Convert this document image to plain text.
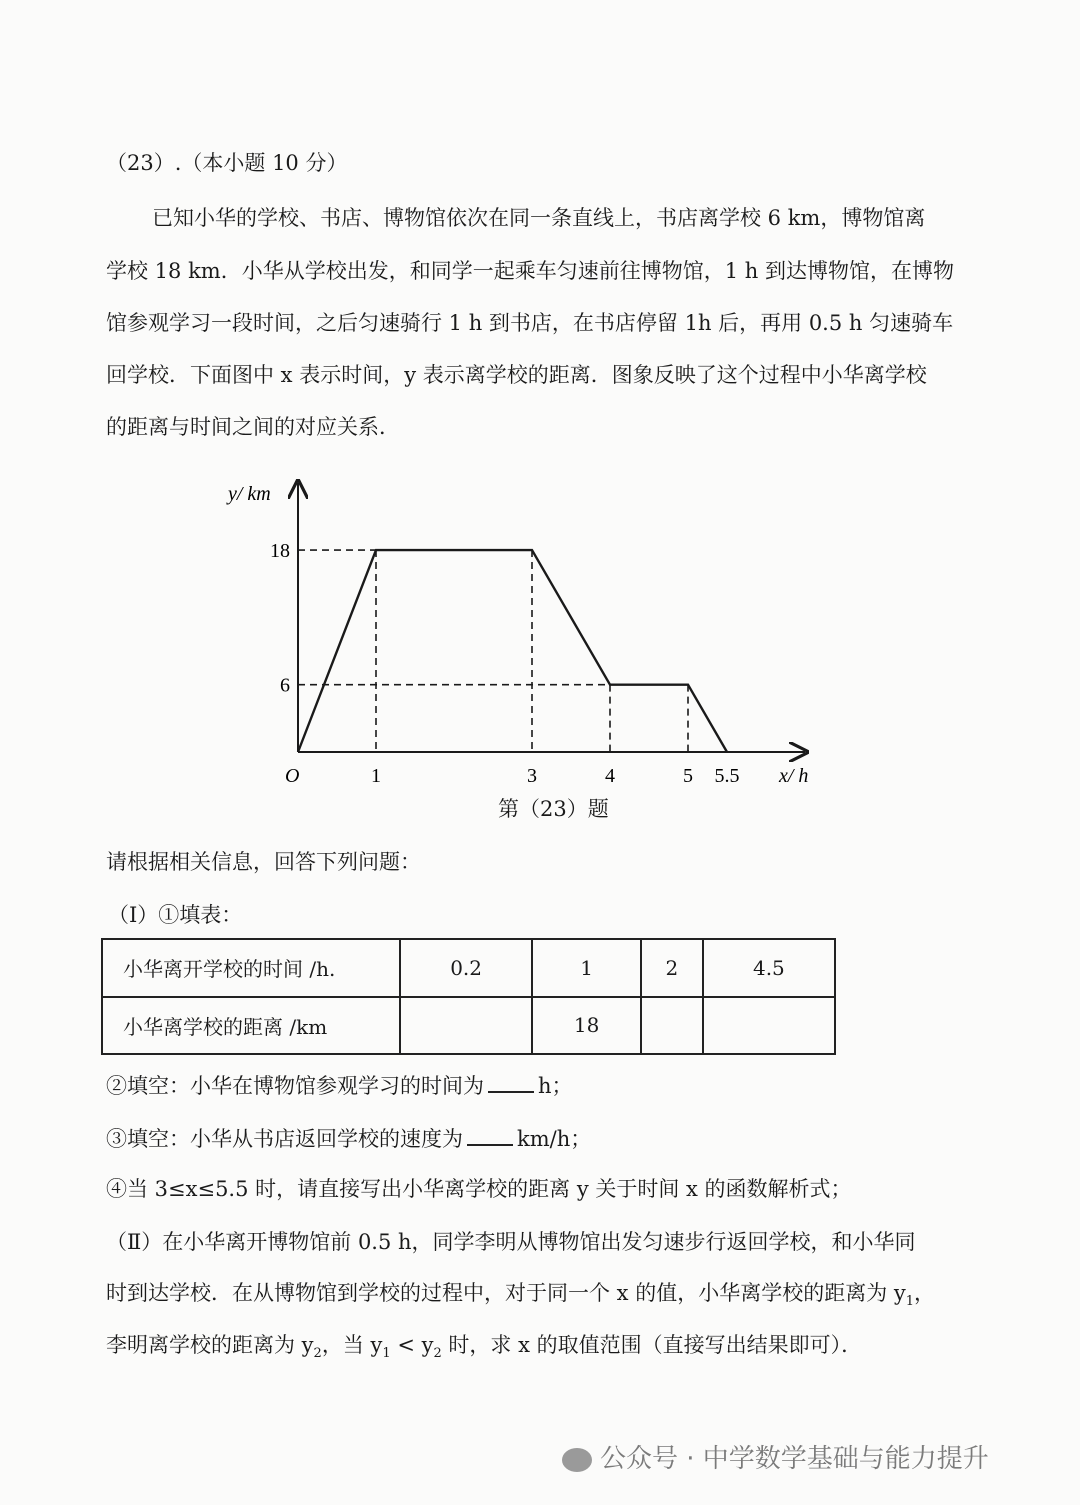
（23）.（本小题 10 分）
已知小华的学校、书店、博物馆依次在同一条直线上，书店离学校 6 km，博物馆离
学校 18 km．小华从学校出发，和同学一起乘车匀速前往博物馆，1 h 到达博物馆，在博物
馆参观学习一段时间，之后匀速骑行 1 h 到书店，在书店停留 1h 后，再用 0.5 h 匀速骑车
回学校．下面图中 x 表示时间，y 表示离学校的距离．图象反映了这个过程中小华离学校
的距离与时间之间的对应关系．
1	3	4	5 5.5
6
18
y/ km
x/ h
O
第（23）题
请根据相关信息，回答下列问题：
（Ⅰ）①填表：
小华离开学校的时间 /h.	0.2	1	2	4.5
小华离学校的距离 /km		18		
②填空：小华在博物馆参观学习的时间为	h；
③填空：小华从书店返回学校的速度为	km/h；
④当 3≤x≤5.5 时，请直接写出小华离学校的距离 y 关于时间 x 的函数解析式；
（Ⅱ）在小华离开博物馆前 0.5 h，同学李明从博物馆出发匀速步行返回学校，和小华同
时到达学校．在从博物馆到学校的过程中，对于同一个 x 的值，小华离学校的距离为 $y_1$，
李明离学校的距离为 $y_2$，当 $y_1 < y_2$ 时，求 x 的取值范围（直接写出结果即可）．
公众号 · 中学数学基础与能力提升
